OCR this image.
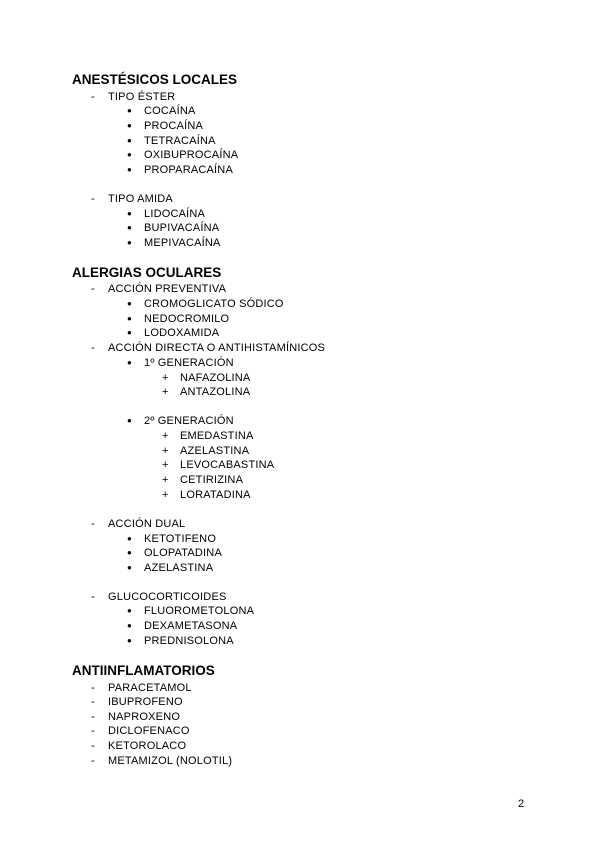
ANESTÉSICOS LOCALES
- TIPO ÉSTER
● COCAÍNA
● PROCAÍNA
● TETRACAÍNA
● OXIBUPROCAÍNA
● PROPARACAÍNA
- TIPO AMIDA
● LIDOCAÍNA
● BUPIVACAÍNA
● MEPIVACAÍNA
ALERGIAS OCULARES
- ACCIÓN PREVENTIVA
● CROMOGLICATO SÓDICO
● NEDOCROMILO
● LODOXAMIDA
- ACCIÓN DIRECTA O ANTIHISTAMÍNICOS
● 1º GENERACIÓN
+ NAFAZOLINA
+ ANTAZOLINA
● 2º GENERACIÓN
+ EMEDASTINA
+ AZELASTINA
+ LEVOCABASTINA
+ CETIRIZINA
+ LORATADINA
- ACCIÓN DUAL
● KETOTIFENO
● OLOPATADINA
● AZELASTINA
- GLUCOCORTICOIDES
● FLUOROMETOLONA
● DEXAMETASONA
● PREDNISOLONA
ANTIINFLAMATORIOS
- PARACETAMOL
- IBUPROFENO
- NAPROXENO
- DICLOFENACO
- KETOROLACO
- METAMIZOL (NOLOTIL)
2
